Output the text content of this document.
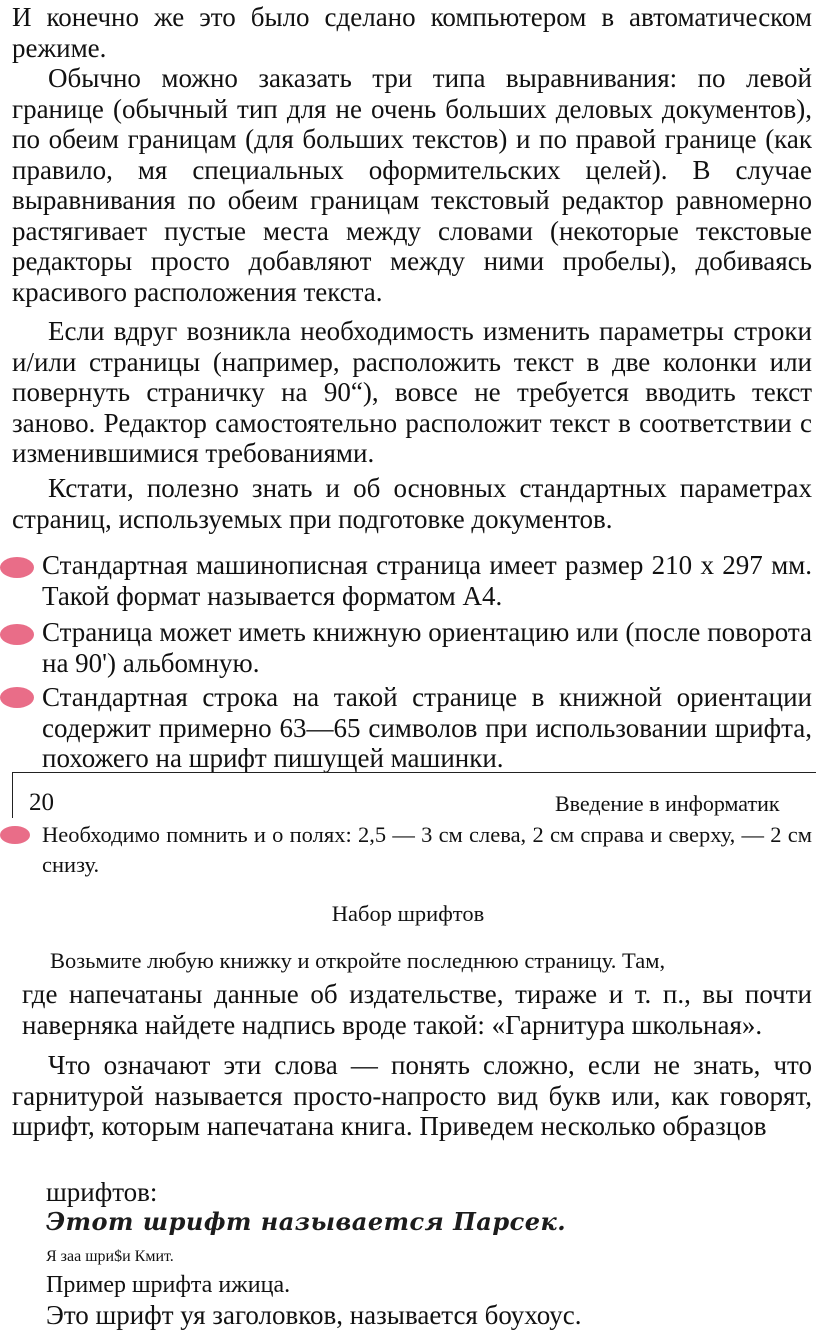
И конечно же это было сделано компьютером в автоматическом режиме.

Обычно можно заказать три типа выравнивания: по левой границе (обычный тип для не очень больших деловых документов), по обеим границам (для больших текстов) и по правой границе (как правило, мя специальных оформительских целей). В случае выравнивания по обеим границам текстовый редактор равномерно растягивает пустые места между словами (некоторые текстовые редакторы просто добавляют между ними пробелы), добиваясь красивого расположения текста.

Если вдруг возникла необходимость изменить параметры строки и/или страницы (например, расположить текст в две колонки или повернуть страничку на 90“), вовсе не требуется вводить текст заново. Редактор самостоятельно расположит текст в соответствии с изменившимися требованиями.

Кстати, полезно знать и об основных стандартных параметрах страниц, используемых при подготовке документов.

Стандартная машинописная страница имеет размер 210 х 297 мм. Такой формат называется форматом А4.

Страница может иметь книжную ориентацию или (после поворота на 90') альбомную.

Стандартная строка на такой странице в книжной ориентации содержит примерно 63—65 символов при использовании шрифта, похожего на шрифт пишущей машинки.

20	Введение в информатик

Необходимо помнить и о полях: 2,5 — 3 см слева, 2 см справа и сверху, — 2 см снизу.

Набор шрифтов

Возьмите любую книжку и откройте последнюю страницу. Там,

где напечатаны данные об издательстве, тираже и т. п., вы почти наверняка найдете надпись вроде такой: «Гарнитура школьная».

Что означают эти слова — понять сложно, если не знать, что гарнитурой называется просто-напросто вид букв или, как говорят, шрифт, которым напечатана книга. Приведем несколько образцов

шрифтов:

Этот шрифт называется Парсек.
Я заа шри$и Кмит.

Пример шрифта ижица.

Это шрифт уя заголовков, называется боухоус.
